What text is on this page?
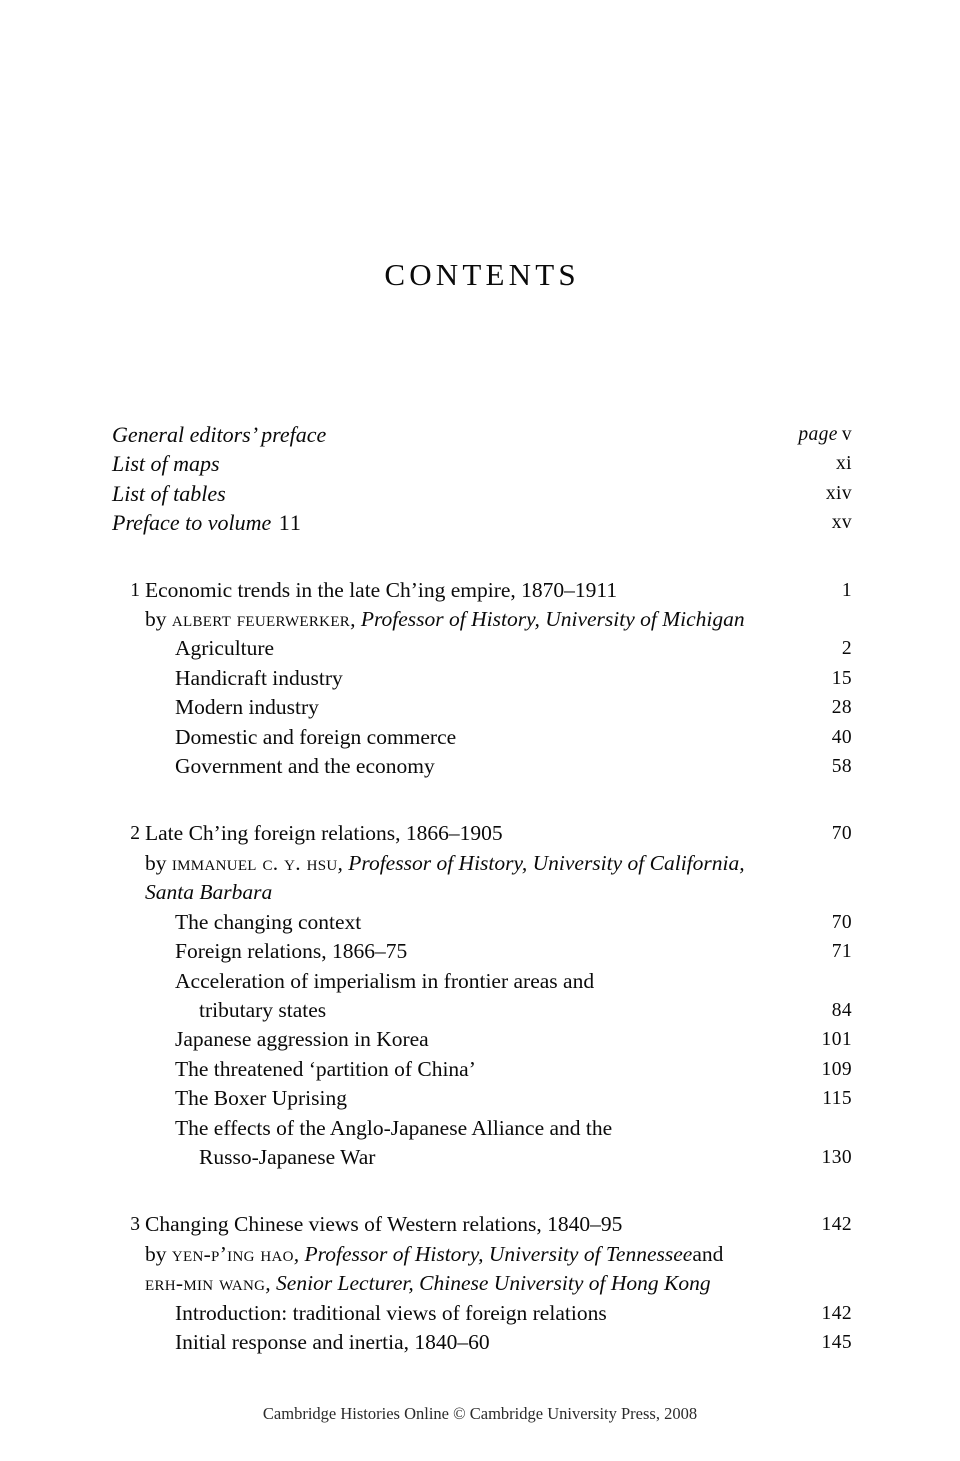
CONTENTS
General editors’ preface	page v
List of maps	xi
List of tables	xiv
Preface to volume 11	xv
1 Economic trends in the late Ch’ing empire, 1870–1911	1
by albert feuerwerker, Professor of History, University of Michigan
Agriculture	2
Handicraft industry	15
Modern industry	28
Domestic and foreign commerce	40
Government and the economy	58
2 Late Ch’ing foreign relations, 1866–1905	70
by immanuel c. y. hsu, Professor of History, University of California, Santa Barbara
The changing context	70
Foreign relations, 1866–75	71
Acceleration of imperialism in frontier areas and
tributary states	84
Japanese aggression in Korea	101
The threatened ‘partition of China’	109
The Boxer Uprising	115
The effects of the Anglo-Japanese Alliance and the
Russo-Japanese War	130
3 Changing Chinese views of Western relations, 1840–95	142
by yen-p’ing hao, Professor of History, University of Tennesseeand erh-min wang, Senior Lecturer, Chinese University of Hong Kong
Introduction: traditional views of foreign relations	142
Initial response and inertia, 1840–60	145
Cambridge Histories Online © Cambridge University Press, 2008
